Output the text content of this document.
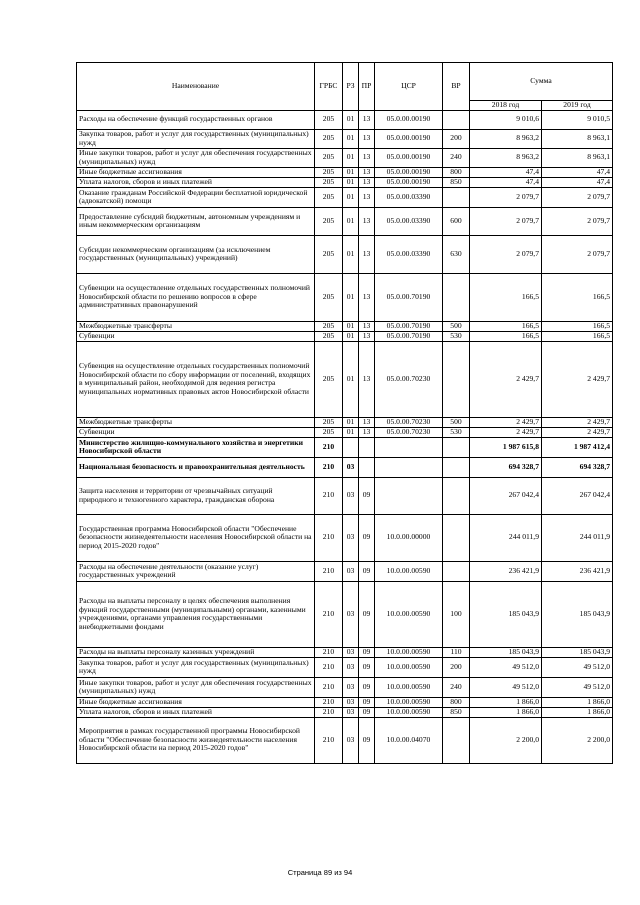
Наименование	ГРБС	РЗ	ПР	ЦСР	ВР	Сумма	
						2018 год	2019 год
Расходы на обеспечение функций государственных органов	205	01	13	05.0.00.00190		9 010,6	9 010,5
Закупка товаров, работ и услуг для государственных (муниципальных) нужд	205	01	13	05.0.00.00190	200	8 963,2	8 963,1
Иные закупки товаров, работ и услуг для обеспечения государственных (муниципальных) нужд	205	01	13	05.0.00.00190	240	8 963,2	8 963,1
Иные бюджетные ассигнования	205	01	13	05.0.00.00190	800	47,4	47,4
Уплата налогов, сборов и иных платежей	205	01	13	05.0.00.00190	850	47,4	47,4
Оказание гражданам Российской Федерации бесплатной юридической (адвокатской) помощи	205	01	13	05.0.00.03390		2 079,7	2 079,7
Предоставление субсидий бюджетным, автономным учреждениям и иным некоммерческим организациям	205	01	13	05.0.00.03390	600	2 079,7	2 079,7
Субсидии некоммерческим организациям (за исключением государственных (муниципальных) учреждений)	205	01	13	05.0.00.03390	630	2 079,7	2 079,7
Субвенции на осуществление отдельных государственных полномочий Новосибирской области по решению вопросов в сфере административных правонарушений	205	01	13	05.0.00.70190		166,5	166,5
Межбюджетные трансферты	205	01	13	05.0.00.70190	500	166,5	166,5
Субвенции	205	01	13	05.0.00.70190	530	166,5	166,5
Субвенция на осуществление отдельных государственных полномочий Новосибирской области по сбору информации от поселений, входящих в муниципальный район, необходимой для ведения регистра муниципальных нормативных правовых актов Новосибирской области	205	01	13	05.0.00.70230		2 429,7	2 429,7
Межбюджетные трансферты	205	01	13	05.0.00.70230	500	2 429,7	2 429,7
Субвенции	205	01	13	05.0.00.70230	530	2 429,7	2 429,7
Министерство жилищно-коммунального хозяйства и энергетики Новосибирской области	210					1 987 615,8	1 987 412,4
Национальная безопасность и правоохранительная деятельность	210	03				694 328,7	694 328,7
Защита населения и территории от чрезвычайных ситуаций природного и техногенного характера, гражданская оборона	210	03	09			267 042,4	267 042,4
Государственная программа Новосибирской области "Обеспечение безопасности жизнедеятельности населения Новосибирской области на период 2015-2020 годов"	210	03	09	10.0.00.00000		244 011,9	244 011,9
Расходы на обеспечение деятельности (оказание услуг) государственных учреждений	210	03	09	10.0.00.00590		236 421,9	236 421,9
Расходы на выплаты персоналу в целях обеспечения выполнения функций государственными (муниципальными) органами, казенными учреждениями, органами управления государственными внебюджетными фондами	210	03	09	10.0.00.00590	100	185 043,9	185 043,9
Расходы на выплаты персоналу казенных учреждений	210	03	09	10.0.00.00590	110	185 043,9	185 043,9
Закупка товаров, работ и услуг для государственных (муниципальных) нужд	210	03	09	10.0.00.00590	200	49 512,0	49 512,0
Иные закупки товаров, работ и услуг для обеспечения государственных (муниципальных) нужд	210	03	09	10.0.00.00590	240	49 512,0	49 512,0
Иные бюджетные ассигнования	210	03	09	10.0.00.00590	800	1 866,0	1 866,0
Уплата налогов, сборов и иных платежей	210	03	09	10.0.00.00590	850	1 866,0	1 866,0
Мероприятия в рамках государственной программы Новосибирской области "Обеспечение безопасности жизнедеятельности населения Новосибирской области на период 2015-2020 годов"	210	03	09	10.0.00.04070		2 200,0	2 200,0
Страница 89 из 94
